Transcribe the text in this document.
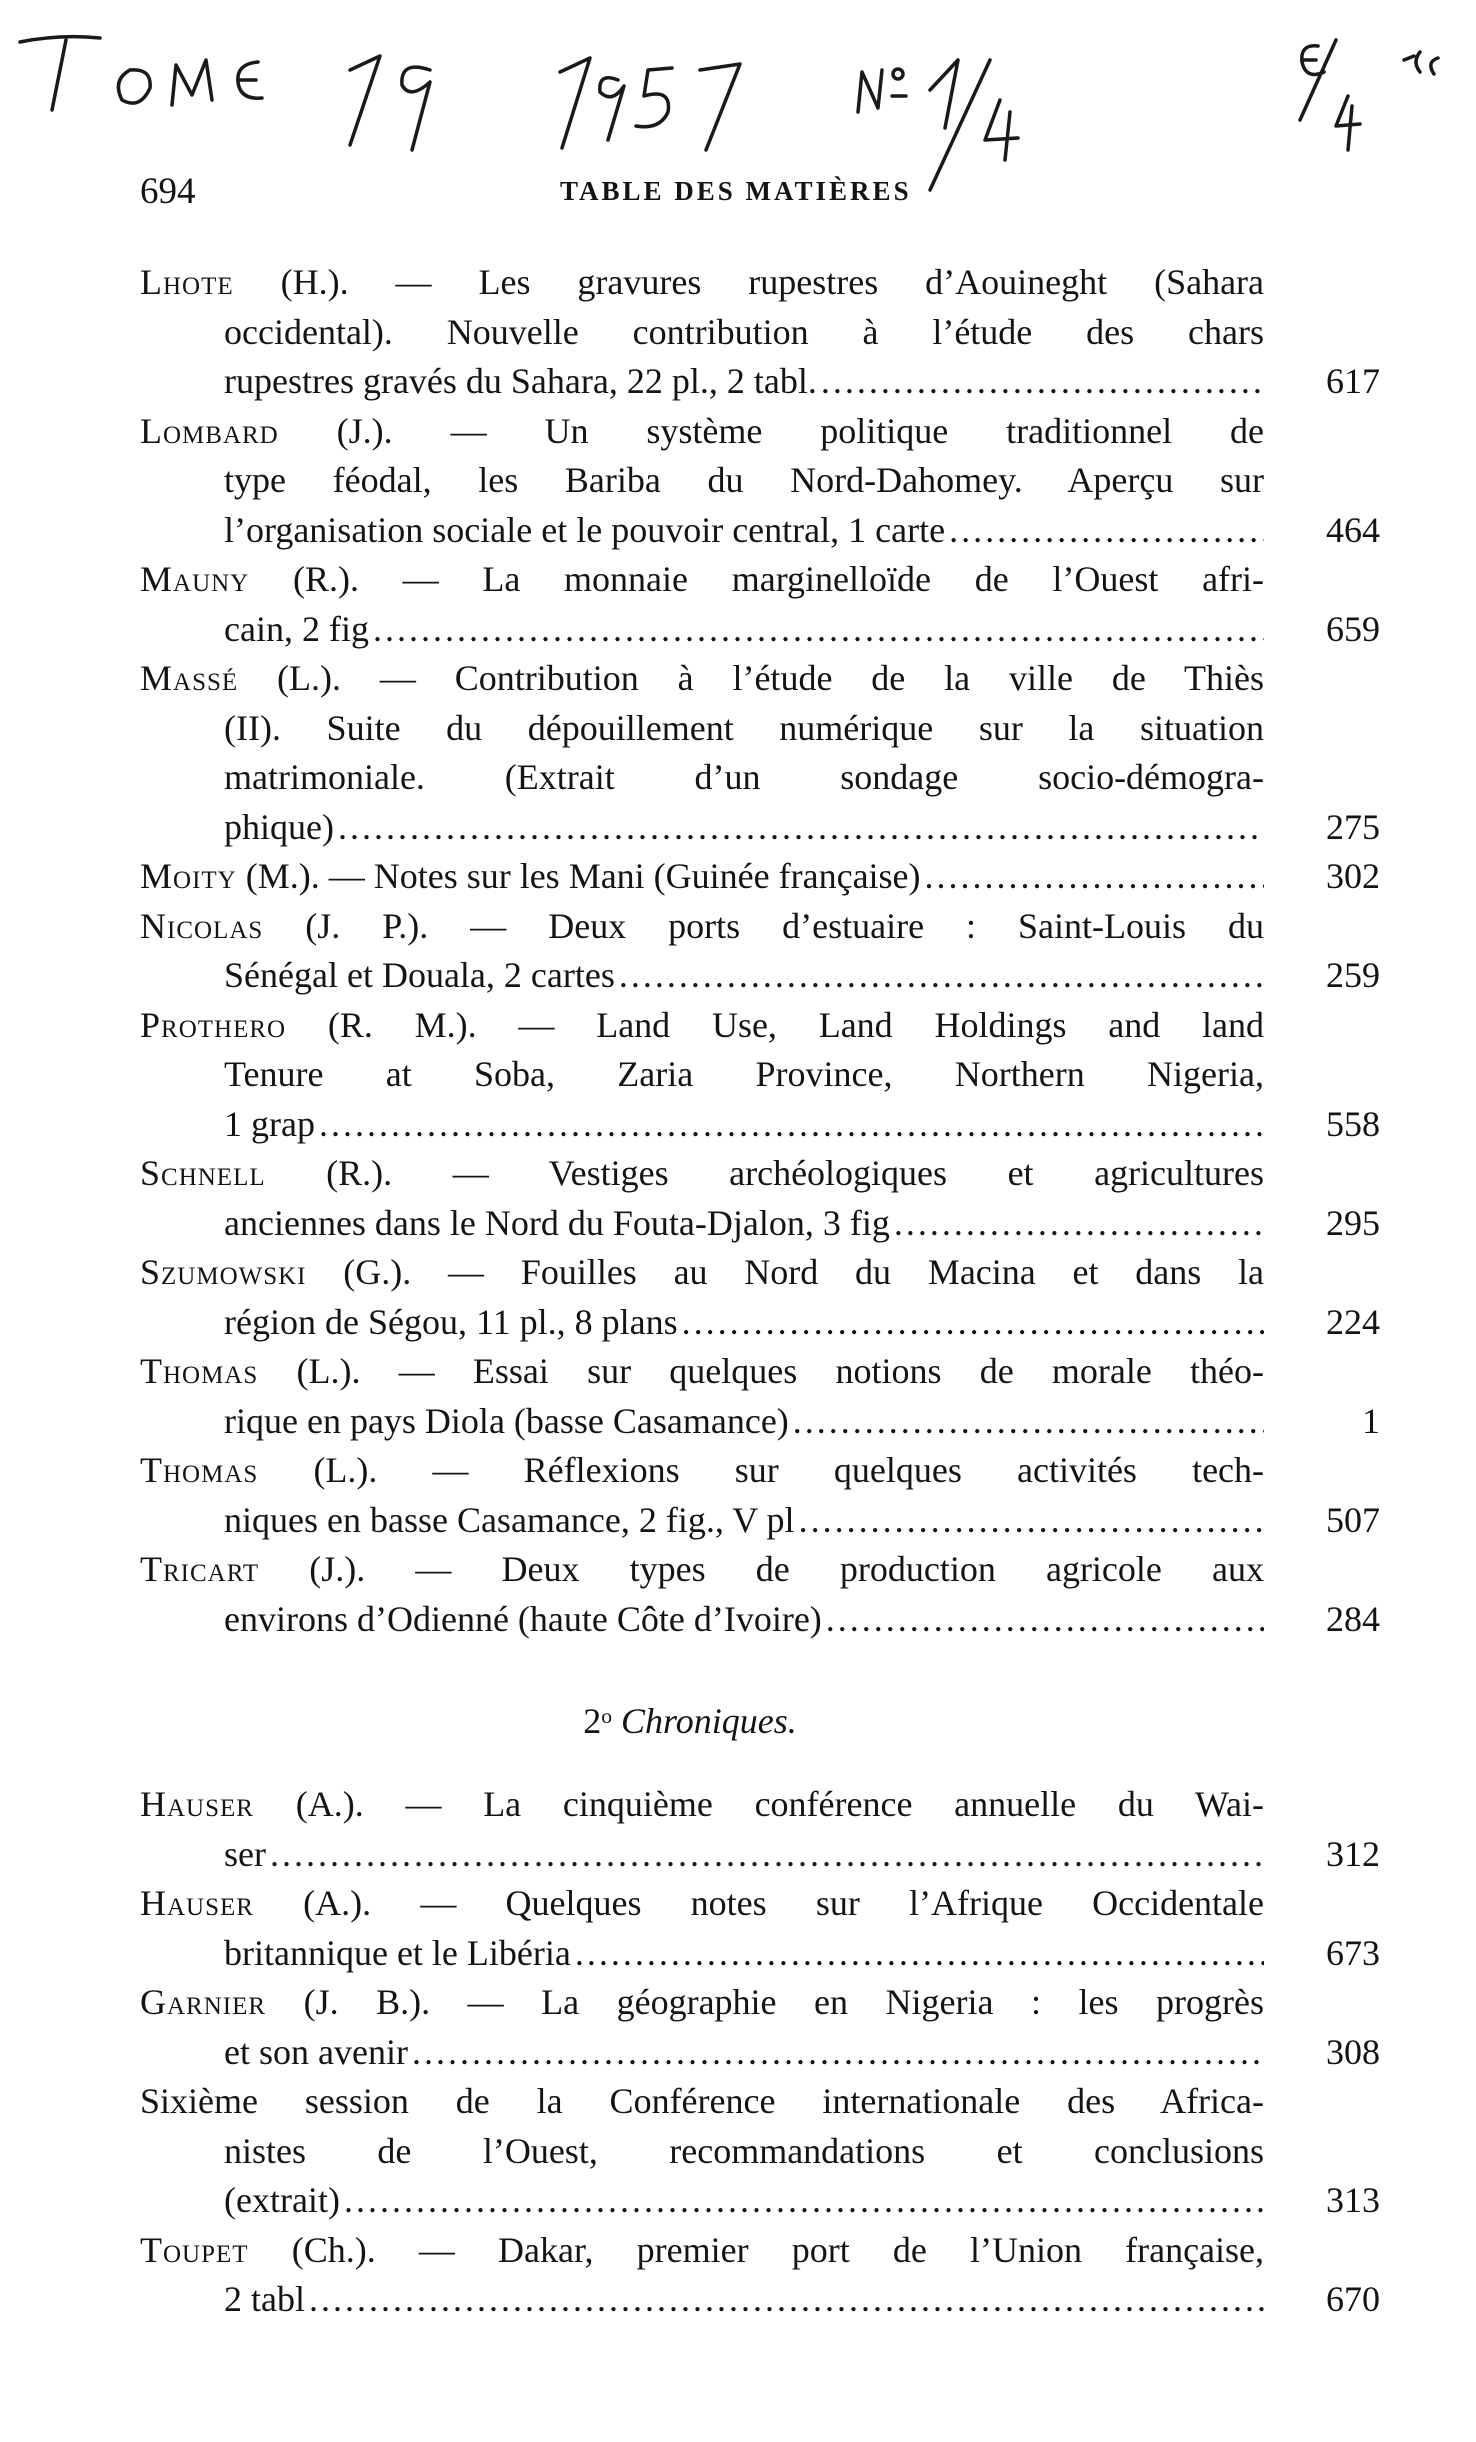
694	TABLE DES MATIÈRES
Lhote (H.). — Les gravures rupestres d’Aouineght (Sahara
occidental). Nouvelle contribution à l’étude des chars
rupestres gravés du Sahara, 22 pl., 2 tabl. .....	617
Lombard (J.). — Un système politique traditionnel de
type féodal, les Bariba du Nord-Dahomey. Aperçu sur
l’organisation sociale et le pouvoir central, 1 carte .....	464
Mauny (R.). — La monnaie marginelloïde de l’Ouest afri-
cain, 2 fig .....	659
Massé (L.). — Contribution à l’étude de la ville de Thiès
(II). Suite du dépouillement numérique sur la situation
matrimoniale. (Extrait d’un sondage socio-démogra-
phique) .....	275
Moity (M.). — Notes sur les Mani (Guinée française) .....	302
Nicolas (J. P.). — Deux ports d’estuaire : Saint-Louis du
Sénégal et Douala, 2 cartes .....	259
Prothero (R. M.). — Land Use, Land Holdings and land
Tenure at Soba, Zaria Province, Northern Nigeria,
1 grap .....	558
Schnell (R.). — Vestiges archéologiques et agricultures
anciennes dans le Nord du Fouta-Djalon, 3 fig .....	295
Szumowski (G.). — Fouilles au Nord du Macina et dans la
région de Ségou, 11 pl., 8 plans .....	224
Thomas (L.). — Essai sur quelques notions de morale théo-
rique en pays Diola (basse Casamance) .....	1
Thomas (L.). — Réflexions sur quelques activités tech-
niques en basse Casamance, 2 fig., V pl .....	507
Tricart (J.). — Deux types de production agricole aux
environs d’Odienné (haute Côte d’Ivoire) .....	284
2$^o$ Chroniques.
Hauser (A.). — La cinquième conférence annuelle du Wai-
ser .....	312
Hauser (A.). — Quelques notes sur l’Afrique Occidentale
britannique et le Libéria .....	673
Garnier (J. B.). — La géographie en Nigeria : les progrès
et son avenir .....	308
Sixième session de la Conférence internationale des Africa-
nistes de l’Ouest, recommandations et conclusions
(extrait) .....	313
Toupet (Ch.). — Dakar, premier port de l’Union française,
2 tabl .....	670
